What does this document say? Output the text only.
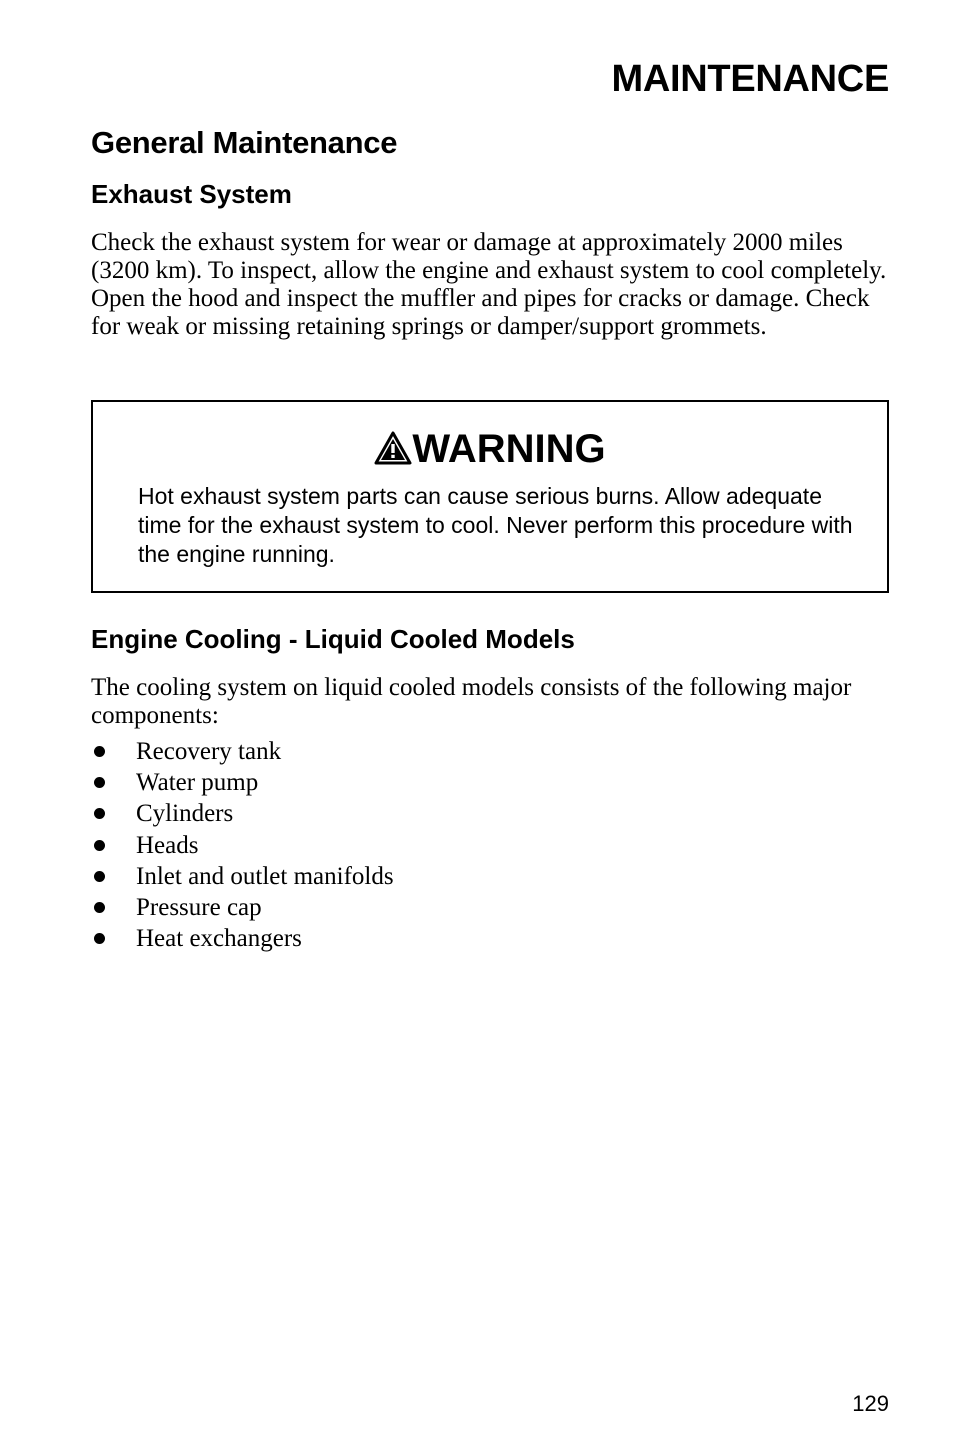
MAINTENANCE
General Maintenance
Exhaust System

Check the exhaust system for wear or damage at approximately 2000 miles (3200 km). To inspect, allow the engine and exhaust system to cool completely. Open the hood and inspect the muffler and pipes for cracks or damage. Check for weak or missing retaining springs or damper/support grommets.

WARNING

Hot exhaust system parts can cause serious burns. Allow adequate time for the exhaust system to cool. Never perform this procedure with the engine running.

Engine Cooling - Liquid Cooled Models

The cooling system on liquid cooled models consists of the following major components:

Recovery tank
Water pump
Cylinders
Heads
Inlet and outlet manifolds
Pressure cap
Heat exchangers
129
